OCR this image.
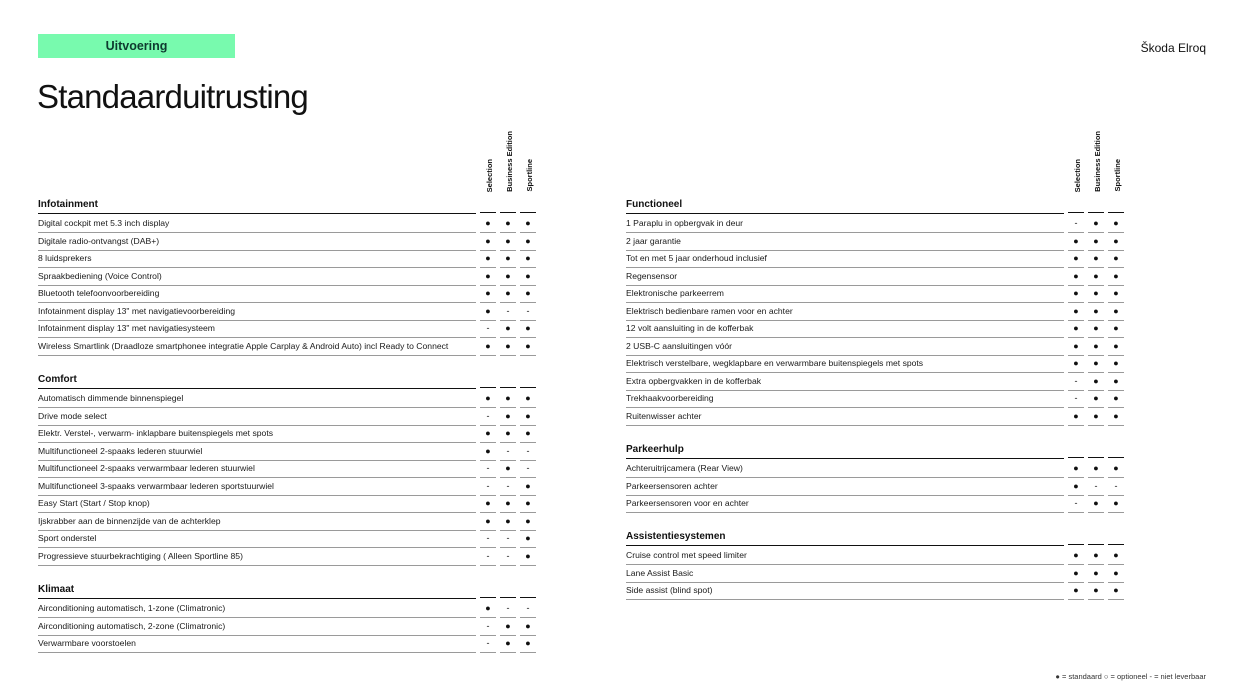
Uitvoering	Škoda Elroq
Standaarduitrusting
Selection Business Edition Sportline	Selection Business Edition Sportline
Infotainment
Digital cockpit met 5.3 inch display	●	●	●
Digitale radio-ontvangst (DAB+)	●	●	●
8 luidsprekers	●	●	●
Spraakbediening (Voice Control)	●	●	●
Bluetooth telefoonvoorbereiding	●	●	●
Infotainment display 13" met navigatievoorbereiding	●	-	-
Infotainment display 13" met navigatiesysteem	-	●	●
Wireless Smartlink (Draadloze smartphonee integratie Apple Carplay & Android Auto) incl Ready to Connect	●	●	●
Comfort
Automatisch dimmende binnenspiegel	●	●	●
Drive mode select	-	●	●
Elektr. Verstel-, verwarm- inklapbare buitenspiegels met spots	●	●	●
Multifunctioneel 2-spaaks lederen stuurwiel	●	-	-
Multifunctioneel 2-spaaks verwarmbaar lederen stuurwiel	-	●	-
Multifunctioneel 3-spaaks verwarmbaar lederen sportstuurwiel	-	-	●
Easy Start (Start / Stop knop)	●	●	●
Ijskrabber aan de binnenzijde van de achterklep	●	●	●
Sport onderstel	-	-	●
Progressieve stuurbekrachtiging ( Alleen Sportline 85)	-	-	●
Klimaat
Airconditioning automatisch, 1-zone (Climatronic)	●	-	-
Airconditioning automatisch, 2-zone (Climatronic)	-	●	●
Verwarmbare voorstoelen	-	●	●
Functioneel
1 Paraplu in opbergvak in deur	-	●	●
2 jaar garantie	●	●	●
Tot en met 5 jaar onderhoud inclusief	●	●	●
Regensensor	●	●	●
Elektronische parkeerrem	●	●	●
Elektrisch bedienbare ramen voor en achter	●	●	●
12 volt aansluiting in de kofferbak	●	●	●
2 USB-C aansluitingen vóór	●	●	●
Elektrisch verstelbare, wegklapbare en verwarmbare buitenspiegels met spots	●	●	●
Extra opbergvakken in de kofferbak	-	●	●
Trekhaakvoorbereiding	-	●	●
Ruitenwisser achter	●	●	●
Parkeerhulp
Achteruitrijcamera (Rear View)	●	●	●
Parkeersensoren achter	●	-	-
Parkeersensoren voor en achter	-	●	●
Assistentiesystemen
Cruise control met speed limiter	●	●	●
Lane Assist Basic	●	●	●
Side assist (blind spot)	●	●	●
● = standaard ○ = optioneel - = niet leverbaar
